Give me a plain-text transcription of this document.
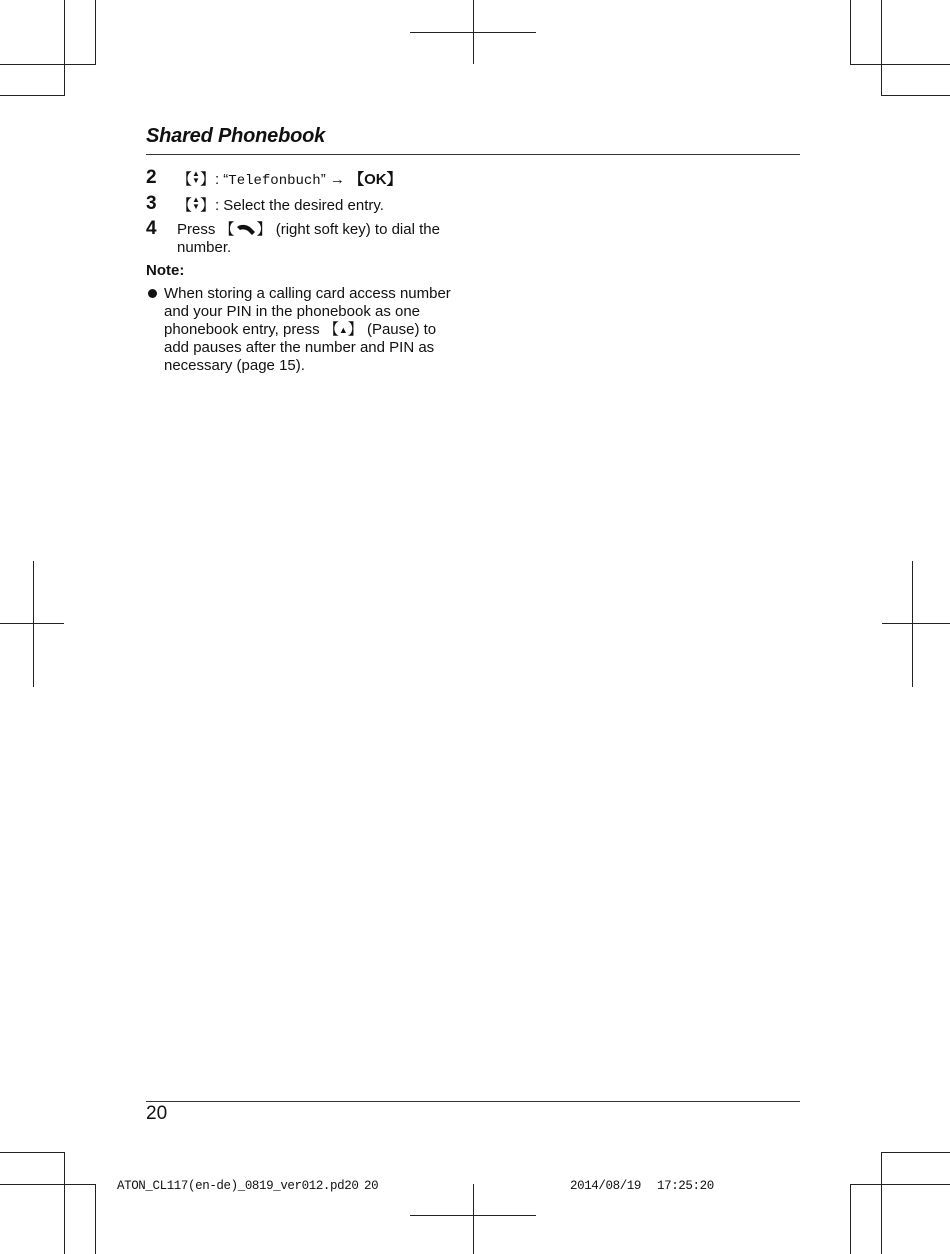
Shared Phonebook
2 【▲
▼】: “Telefonbuch” → 【OK】
3 【▲
▼】: Select the desired entry.
4 Press 【 】 (right soft key) to dial the number.
Note:
When storing a calling card access number and your PIN in the phonebook as one phonebook entry, press 【▲】 (Pause) to add pauses after the number and PIN as necessary (page 15).
20
ATON_CL117(en-de)_0819_ver012.pd20 20	2014/08/19 17:25:20
